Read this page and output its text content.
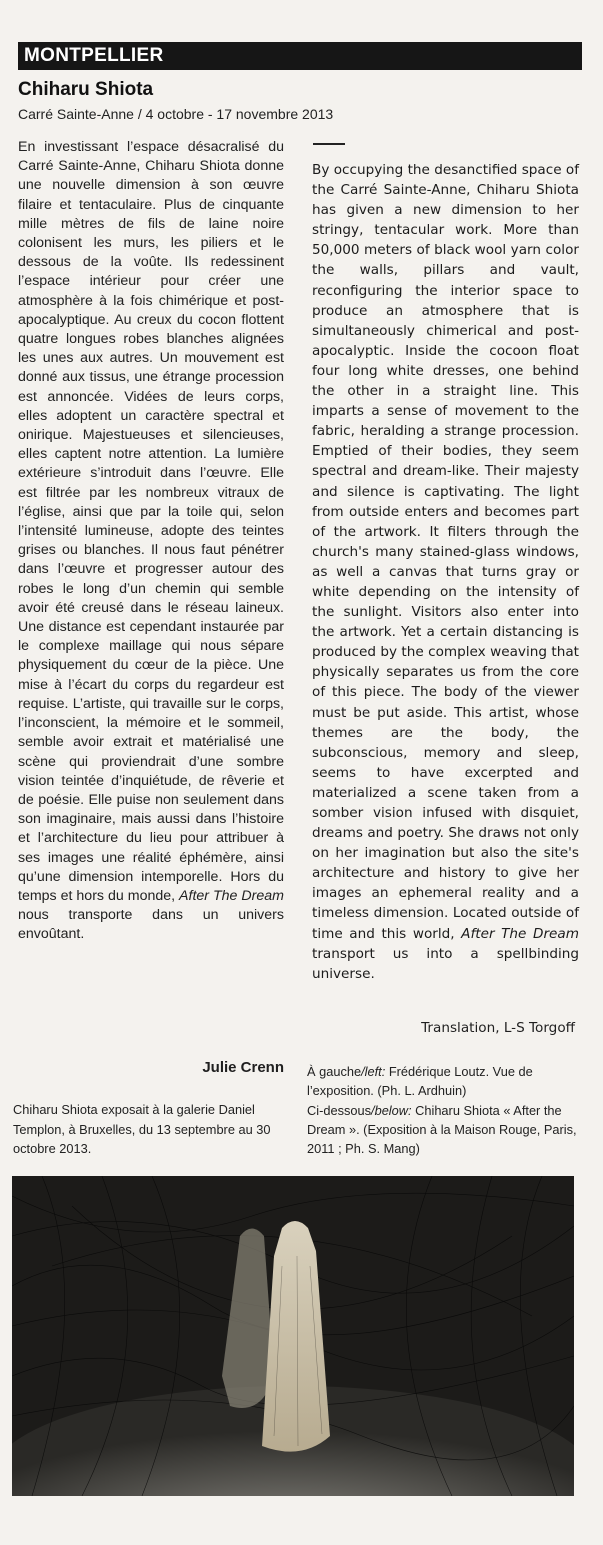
MONTPELLIER
Chiharu Shiota
Carré Sainte-Anne / 4 octobre - 17 novembre 2013

En investissant l’espace désacralisé du Carré Sainte-Anne, Chiharu Shiota donne une nouvelle dimension à son œuvre filaire et tentaculaire. Plus de cinquante mille mètres de fils de laine noire colonisent les murs, les piliers et le dessous de la voûte. Ils redessinent l’espace intérieur pour créer une atmosphère à la fois chimérique et post-apocalyptique. Au creux du cocon flottent quatre longues robes blanches alignées les unes aux autres. Un mouvement est donné aux tissus, une étrange procession est annoncée. Vidées de leurs corps, elles adoptent un caractère spectral et onirique. Majestueuses et silencieuses, elles captent notre attention. La lumière extérieure s’introduit dans l’œuvre. Elle est filtrée par les nombreux vitraux de l’église, ainsi que par la toile qui, selon l’intensité lumineuse, adopte des teintes grises ou blanches. Il nous faut pénétrer dans l’œuvre et progresser autour des robes le long d’un chemin qui semble avoir été creusé dans le réseau laineux. Une distance est cependant instaurée par le complexe maillage qui nous sépare physiquement du cœur de la pièce. Une mise à l’écart du corps du regardeur est requise. L’artiste, qui travaille sur le corps, l’inconscient, la mémoire et le sommeil, semble avoir extrait et matérialisé une scène qui proviendrait d’une sombre vision teintée d’inquiétude, de rêverie et de poésie. Elle puise non seulement dans son imaginaire, mais aussi dans l’histoire et l’architecture du lieu pour attribuer à ses images une réalité éphémère, ainsi qu’une dimension intemporelle. Hors du temps et hors du monde, After The Dream nous transporte dans un univers envoûtant.

Julie Crenn
Chiharu Shiota exposait à la galerie Daniel Templon, à Bruxelles, du 13 septembre au 30 octobre 2013.

By occupying the desanctified space of the Carré Sainte-Anne, Chiharu Shiota has given a new dimension to her stringy, tentacular work. More than 50,000 meters of black wool yarn color the walls, pillars and vault, reconfiguring the interior space to produce an atmosphere that is simultaneously chimerical and post-apocalyptic. Inside the cocoon float four long white dresses, one behind the other in a straight line. This imparts a sense of movement to the fabric, heralding a strange procession. Emptied of their bodies, they seem spectral and dream-like. Their majesty and silence is captivating. The light from outside enters and becomes part of the artwork. It filters through the church's many stained-glass windows, as well a canvas that turns gray or white depending on the intensity of the sunlight. Visitors also enter into the artwork. Yet a certain distancing is produced by the complex weaving that physically separates us from the core of this piece. The body of the viewer must be put aside. This artist, whose themes are the body, the subconscious, memory and sleep, seems to have excerpted and materialized a scene taken from a somber vision infused with disquiet, dreams and poetry. She draws not only on her imagination but also the site's architecture and history to give her images an ephemeral reality and a timeless dimension. Located outside of time and this world, After The Dream transport us into a spellbinding universe.

Translation, L-S Torgoff
À gauche/left: Frédérique Loutz. Vue de l’exposition. (Ph. L. Ardhuin)
Ci-dessous/below: Chiharu Shiota « After the Dream ». (Exposition à la Maison Rouge, Paris, 2011 ; Ph. S. Mang)
